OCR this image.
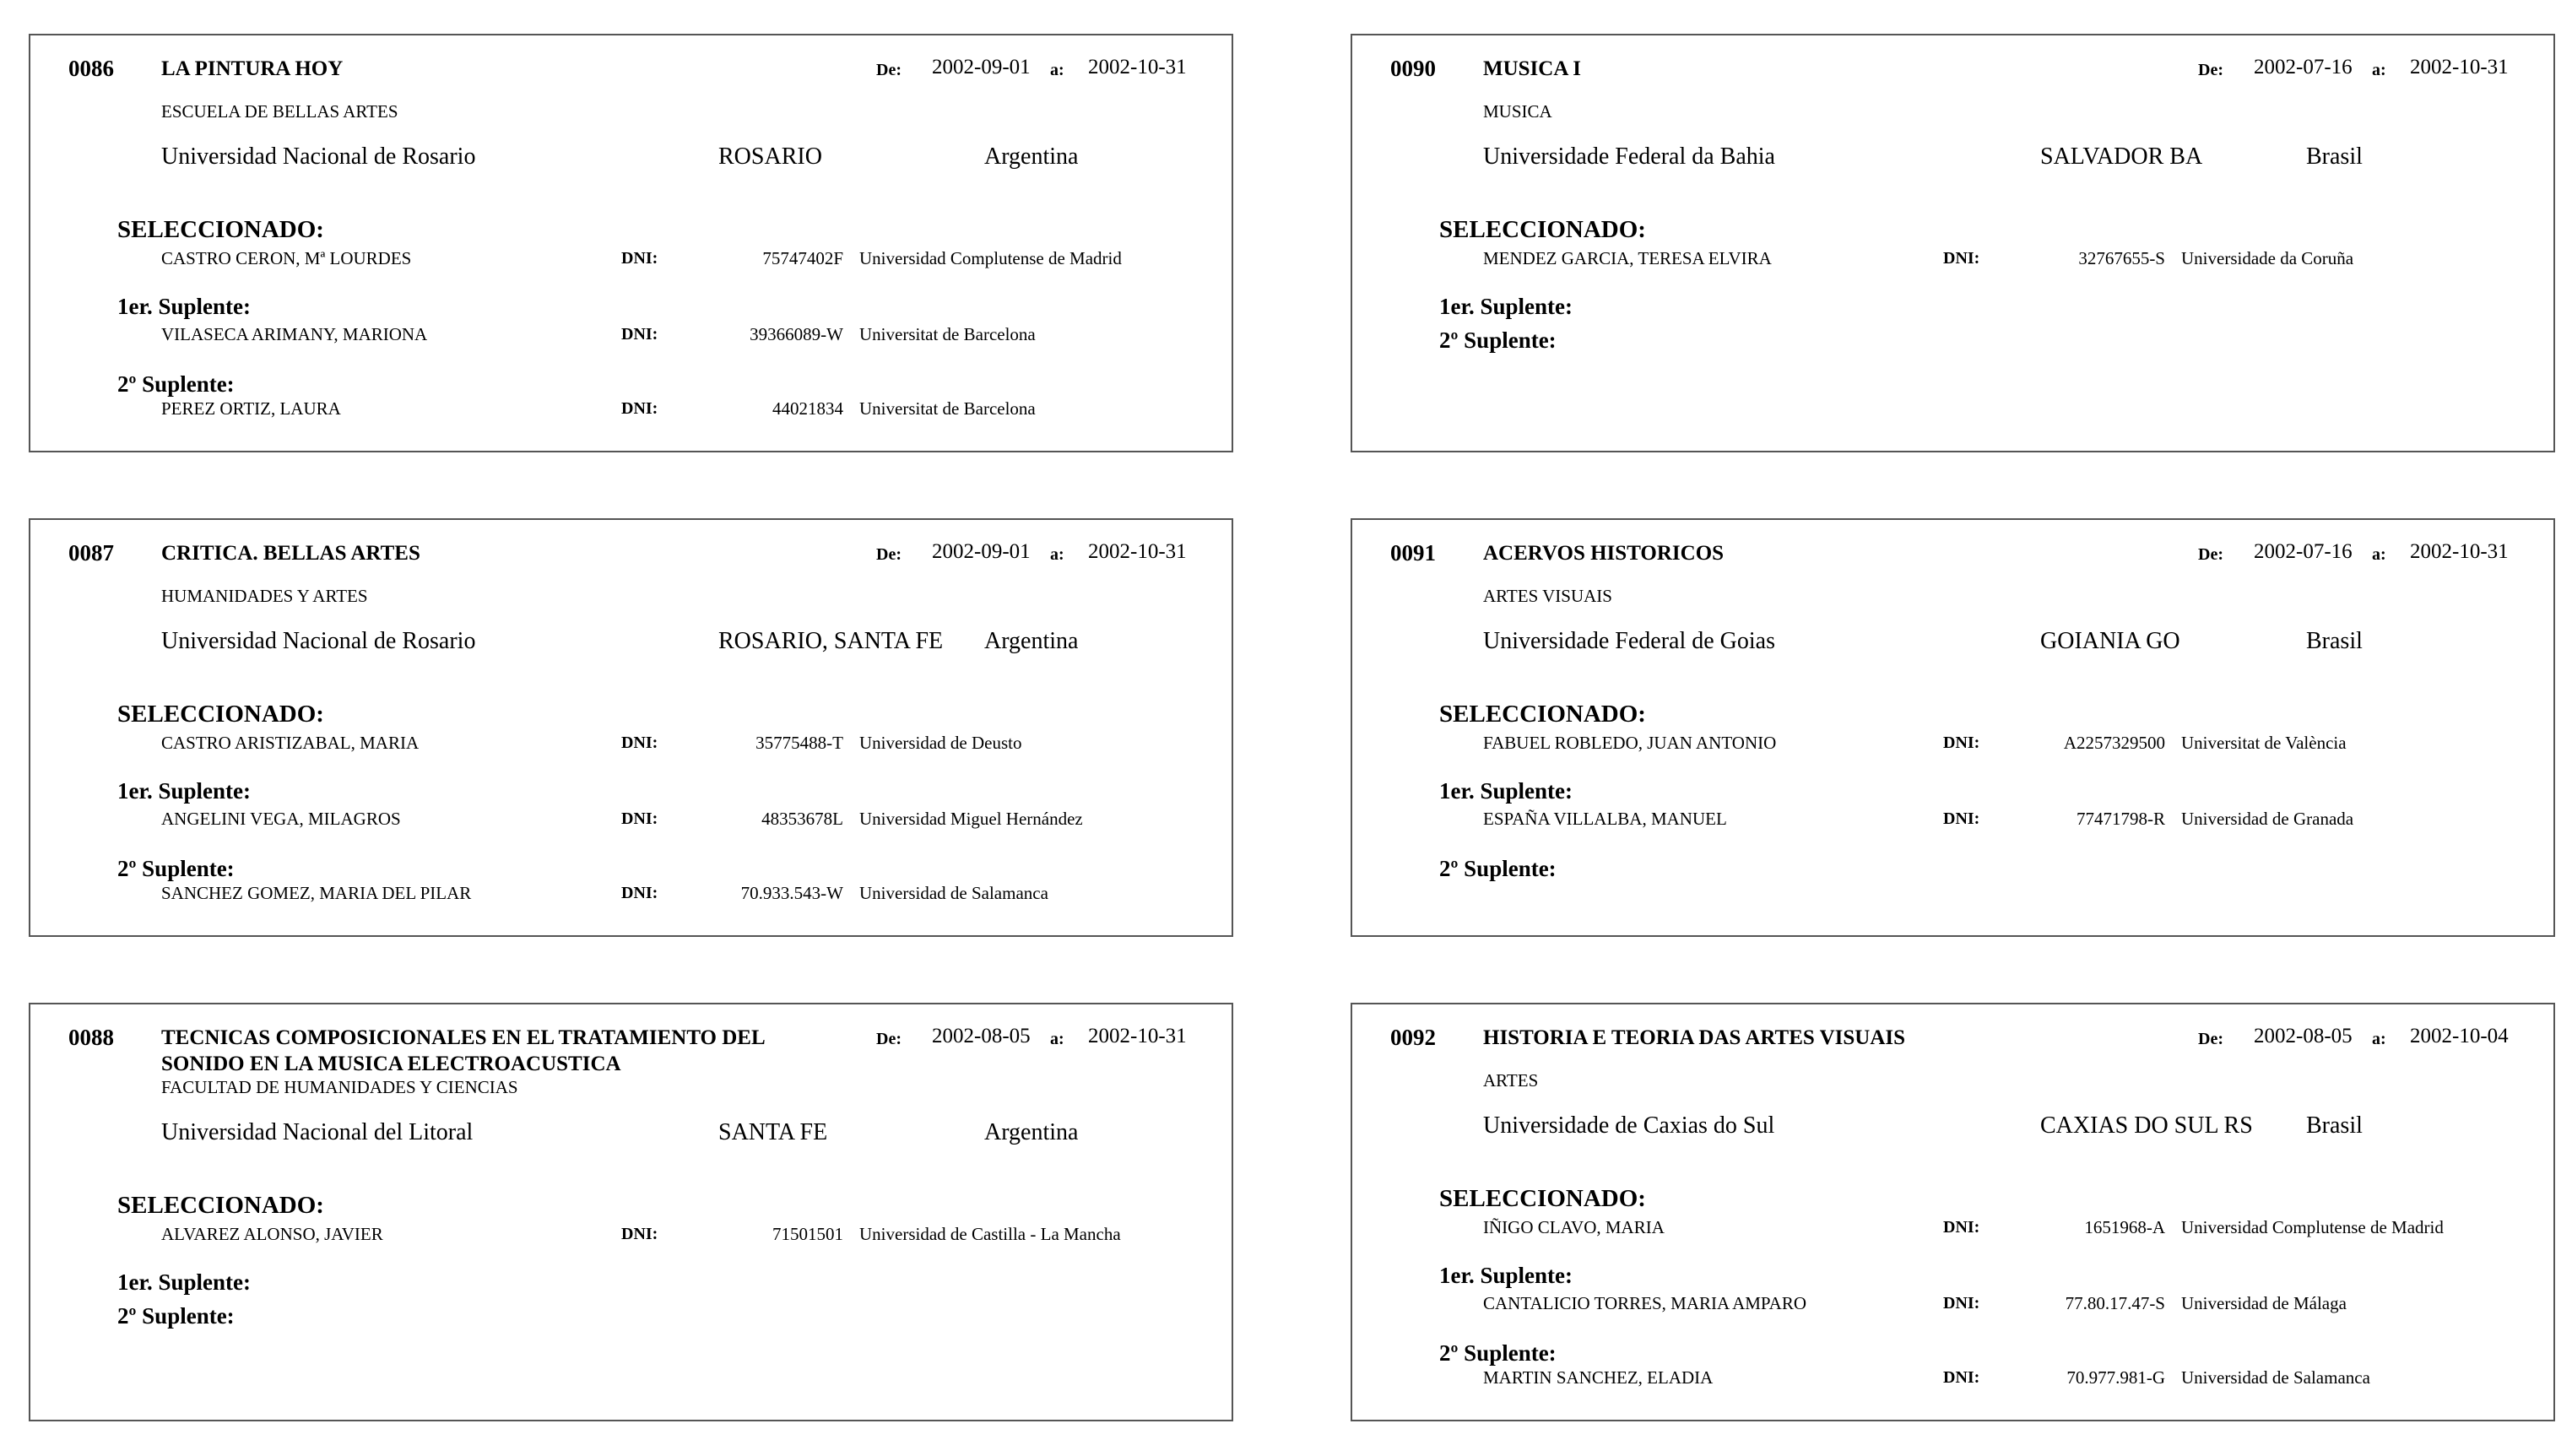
0086 LA PINTURA HOY	De: 2002-09-01 a: 2002-10-31
ESCUELA DE BELLAS ARTES
Universidad Nacional de Rosario	ROSARIO	Argentina
SELECCIONADO:
CASTRO CERON, Mª LOURDES	DNI:	75747402F Universidad Complutense de Madrid
1er. Suplente:
VILASECA ARIMANY, MARIONA	DNI:	39366089-W Universitat de Barcelona
2º Suplente:
PEREZ ORTIZ, LAURA	DNI:	44021834 Universitat de Barcelona
0090 MUSICA I	De: 2002-07-16 a: 2002-10-31
MUSICA
Universidade Federal da Bahia	SALVADOR BA	Brasil
SELECCIONADO:
MENDEZ GARCIA, TERESA ELVIRA	DNI:	32767655-S Universidade da Coruña
1er. Suplente:
2º Suplente:
0087 CRITICA. BELLAS ARTES	De: 2002-09-01 a: 2002-10-31
HUMANIDADES Y ARTES
Universidad Nacional de Rosario	ROSARIO, SANTA FE Argentina
SELECCIONADO:
CASTRO ARISTIZABAL, MARIA	DNI:	35775488-T Universidad de Deusto
1er. Suplente:
ANGELINI VEGA, MILAGROS	DNI:	48353678L Universidad Miguel Hernández
2º Suplente:
SANCHEZ GOMEZ, MARIA DEL PILAR	DNI:	70.933.543-W Universidad de Salamanca
0091 ACERVOS HISTORICOS	De: 2002-07-16 a: 2002-10-31
ARTES VISUAIS
Universidade Federal de Goias	GOIANIA GO	Brasil
SELECCIONADO:
FABUEL ROBLEDO, JUAN ANTONIO	DNI:	A2257329500 Universitat de València
1er. Suplente:
ESPAÑA VILLALBA, MANUEL	DNI:	77471798-R Universidad de Granada
2º Suplente:
0088 TECNICAS COMPOSICIONALES EN EL TRATAMIENTO DEL SONIDO EN LA MUSICA ELECTROACUSTICA
De: 2002-08-05 a: 2002-10-31
FACULTAD DE HUMANIDADES Y CIENCIAS
Universidad Nacional del Litoral	SANTA FE	Argentina
SELECCIONADO:
ALVAREZ ALONSO, JAVIER	DNI:	71501501 Universidad de Castilla - La Mancha
1er. Suplente:
2º Suplente:
0092 HISTORIA E TEORIA DAS ARTES VISUAIS	De: 2002-08-05 a: 2002-10-04
ARTES
Universidade de Caxias do Sul	CAXIAS DO SUL RS Brasil
SELECCIONADO:
IÑIGO CLAVO, MARIA	DNI:	1651968-A Universidad Complutense de Madrid
1er. Suplente:
CANTALICIO TORRES, MARIA AMPARO	DNI:	77.80.17.47-S Universidad de Málaga
2º Suplente:
MARTIN SANCHEZ, ELADIA	DNI:	70.977.981-G Universidad de Salamanca
